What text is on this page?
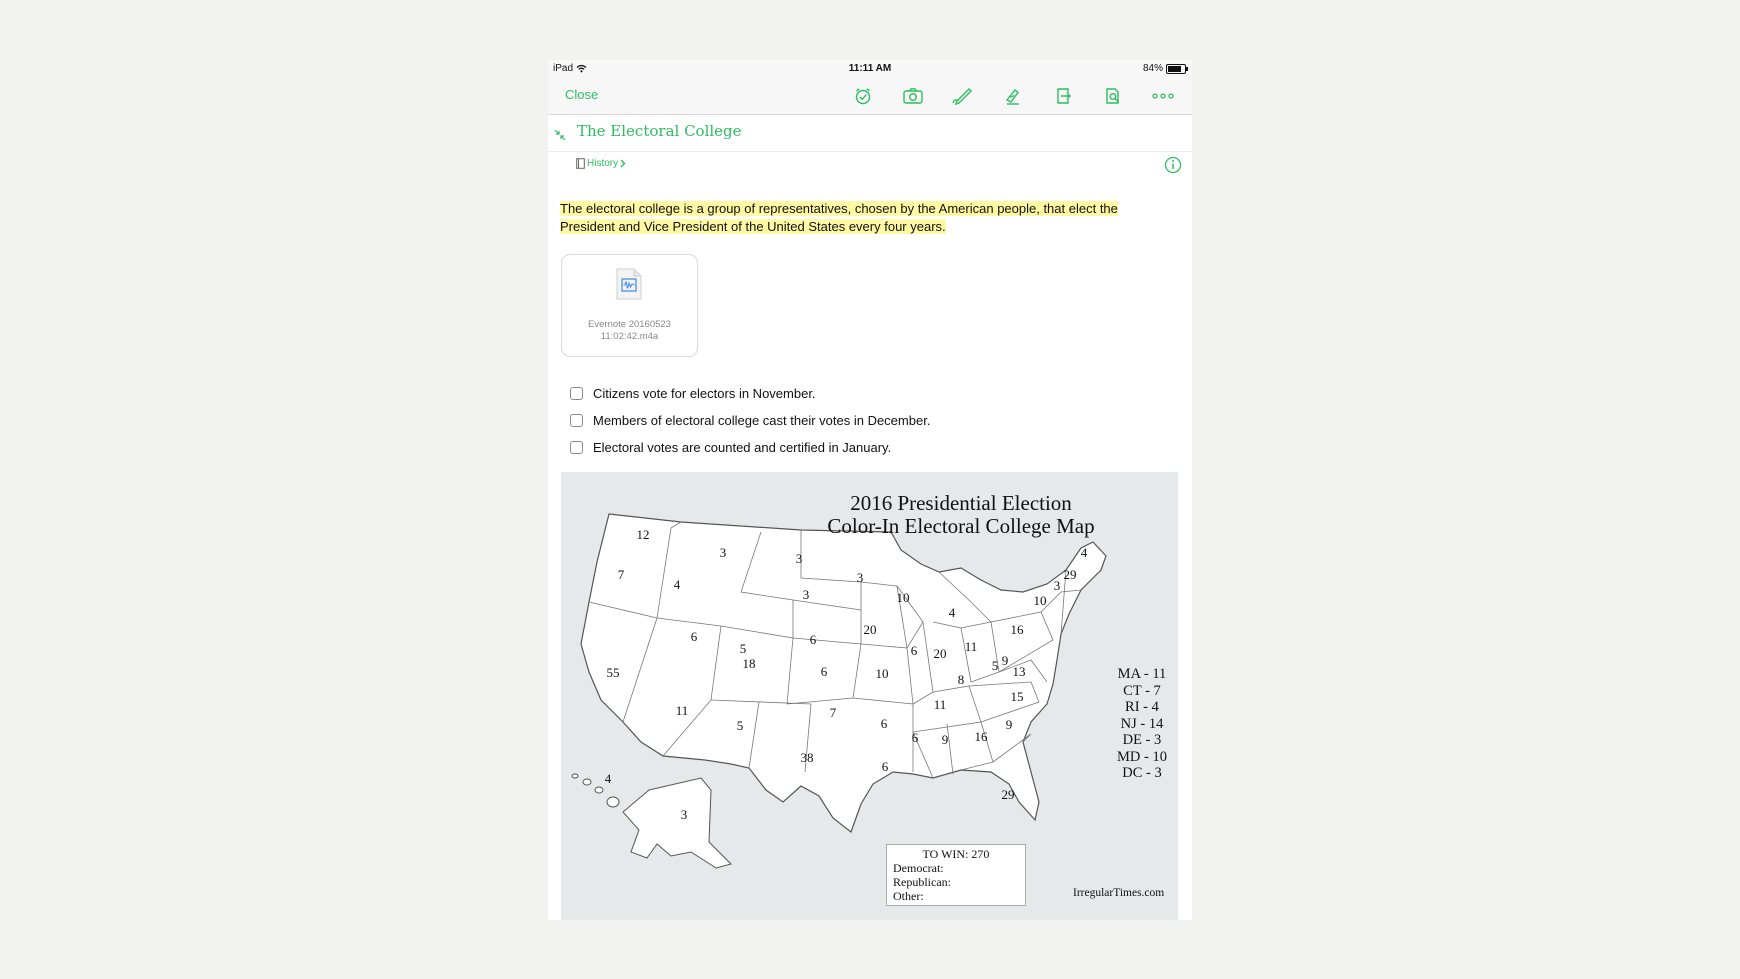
iPad	11:11 AM	84%
Close
The Electoral College
History
The electoral college is a group of representatives, chosen by the American people, that elect the President and Vice President of the United States every four years.
Evernote 20160523
11:02:42.m4a
Citizens vote for electors in November.
Members of electoral college cast their votes in December.
Electoral votes are counted and certified in January.
12
7
3
4
3
3
3
10	10
29
3
4
4
16
20
6
5
6
6
9
20 11
18
55	6	10
5 13
8
15
11
7
11
5	6
6 9 16
9
38
6
4
3
29
2016 Presidential Election
Color-In Electoral College Map
MA - 11
CT - 7
RI - 4
NJ - 14
DE - 3
MD - 10
DC - 3
TO WIN: 270
Democrat:
Republican:
Other:	IrregularTimes.com
